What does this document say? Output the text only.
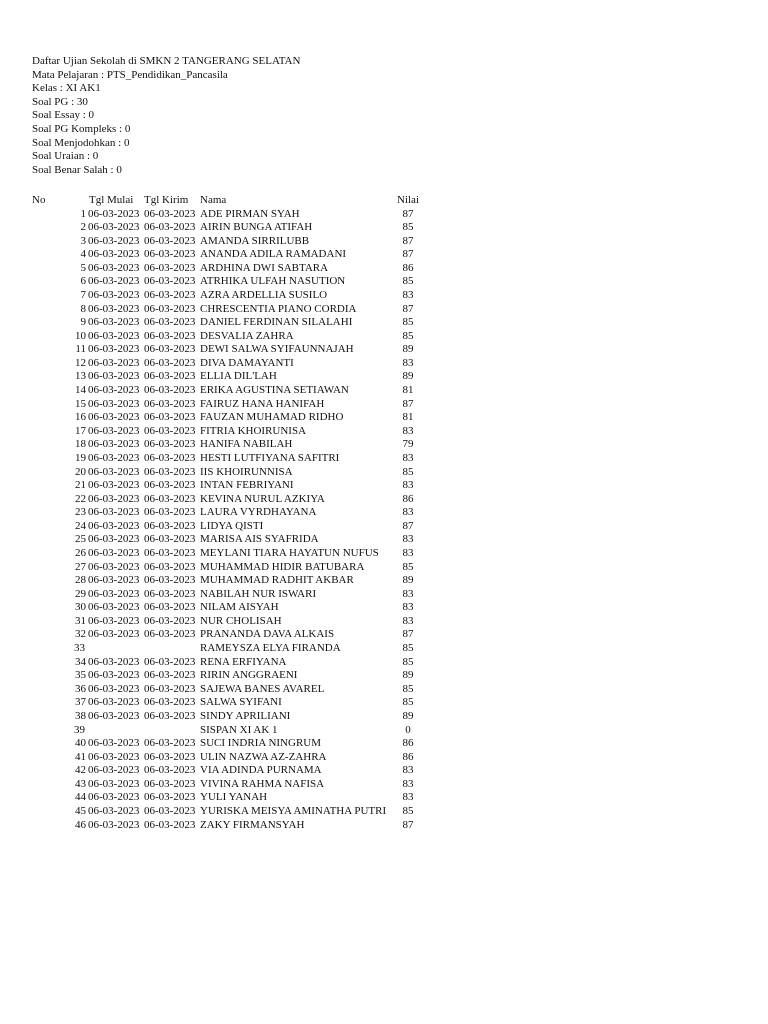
Daftar Ujian Sekolah di SMKN 2 TANGERANG SELATAN
Mata Pelajaran : PTS_Pendidikan_Pancasila
Kelas : XI AK1
Soal PG : 30
Soal Essay : 0
Soal PG Kompleks : 0
Soal Menjodohkan : 0
Soal Uraian : 0
Soal Benar Salah : 0
No	Tgl Mulai Tgl Kirim Nama	Nilai
1 06-03-2023 06-03-2023 ADE PIRMAN SYAH	87
2 06-03-2023 06-03-2023 AIRIN BUNGA ATIFAH	85
3 06-03-2023 06-03-2023 AMANDA SIRRILUBB	87
4 06-03-2023 06-03-2023 ANANDA ADILA RAMADANI	87
5 06-03-2023 06-03-2023 ARDHINA DWI SABTARA	86
6 06-03-2023 06-03-2023 ATRHIKA ULFAH NASUTION	85
7 06-03-2023 06-03-2023 AZRA ARDELLIA SUSILO	83
8 06-03-2023 06-03-2023 CHRESCENTIA PIANO CORDIA	87
9 06-03-2023 06-03-2023 DANIEL FERDINAN SILALAHI	85
10 06-03-2023 06-03-2023 DESVALIA ZAHRA	85
11 06-03-2023 06-03-2023 DEWI SALWA SYIFAUNNAJAH	89
12 06-03-2023 06-03-2023 DIVA DAMAYANTI	83
13 06-03-2023 06-03-2023 ELLIA DIL'LAH	89
14 06-03-2023 06-03-2023 ERIKA AGUSTINA SETIAWAN	81
15 06-03-2023 06-03-2023 FAIRUZ HANA HANIFAH	87
16 06-03-2023 06-03-2023 FAUZAN MUHAMAD RIDHO	81
17 06-03-2023 06-03-2023 FITRIA KHOIRUNISA	83
18 06-03-2023 06-03-2023 HANIFA NABILAH	79
19 06-03-2023 06-03-2023 HESTI LUTFIYANA SAFITRI	83
20 06-03-2023 06-03-2023 IIS KHOIRUNNISA	85
21 06-03-2023 06-03-2023 INTAN FEBRIYANI	83
22 06-03-2023 06-03-2023 KEVINA NURUL AZKIYA	86
23 06-03-2023 06-03-2023 LAURA VYRDHAYANA	83
24 06-03-2023 06-03-2023 LIDYA QISTI	87
25 06-03-2023 06-03-2023 MARISA AIS SYAFRIDA	83
26 06-03-2023 06-03-2023 MEYLANI TIARA HAYATUN NUFUS	83
27 06-03-2023 06-03-2023 MUHAMMAD HIDIR BATUBARA	85
28 06-03-2023 06-03-2023 MUHAMMAD RADHIT AKBAR	89
29 06-03-2023 06-03-2023 NABILAH NUR ISWARI	83
30 06-03-2023 06-03-2023 NILAM AISYAH	83
31 06-03-2023 06-03-2023 NUR CHOLISAH	83
32 06-03-2023 06-03-2023 PRANANDA DAVA ALKAIS	87
33	RAMEYSZA ELYA FIRANDA	85
34 06-03-2023 06-03-2023 RENA ERFIYANA	85
35 06-03-2023 06-03-2023 RIRIN ANGGRAENI	89
36 06-03-2023 06-03-2023 SAJEWA BANES AVAREL	85
37 06-03-2023 06-03-2023 SALWA SYIFANI	85
38 06-03-2023 06-03-2023 SINDY APRILIANI	89
39	SISPAN XI AK 1	0
40 06-03-2023 06-03-2023 SUCI INDRIA NINGRUM	86
41 06-03-2023 06-03-2023 ULIN NAZWA AZ-ZAHRA	86
42 06-03-2023 06-03-2023 VIA ADINDA PURNAMA	83
43 06-03-2023 06-03-2023 VIVINA RAHMA NAFISA	83
44 06-03-2023 06-03-2023 YULI YANAH	83
45 06-03-2023 06-03-2023 YURISKA MEISYA AMINATHA PUTRI	85
46 06-03-2023 06-03-2023 ZAKY FIRMANSYAH	87
